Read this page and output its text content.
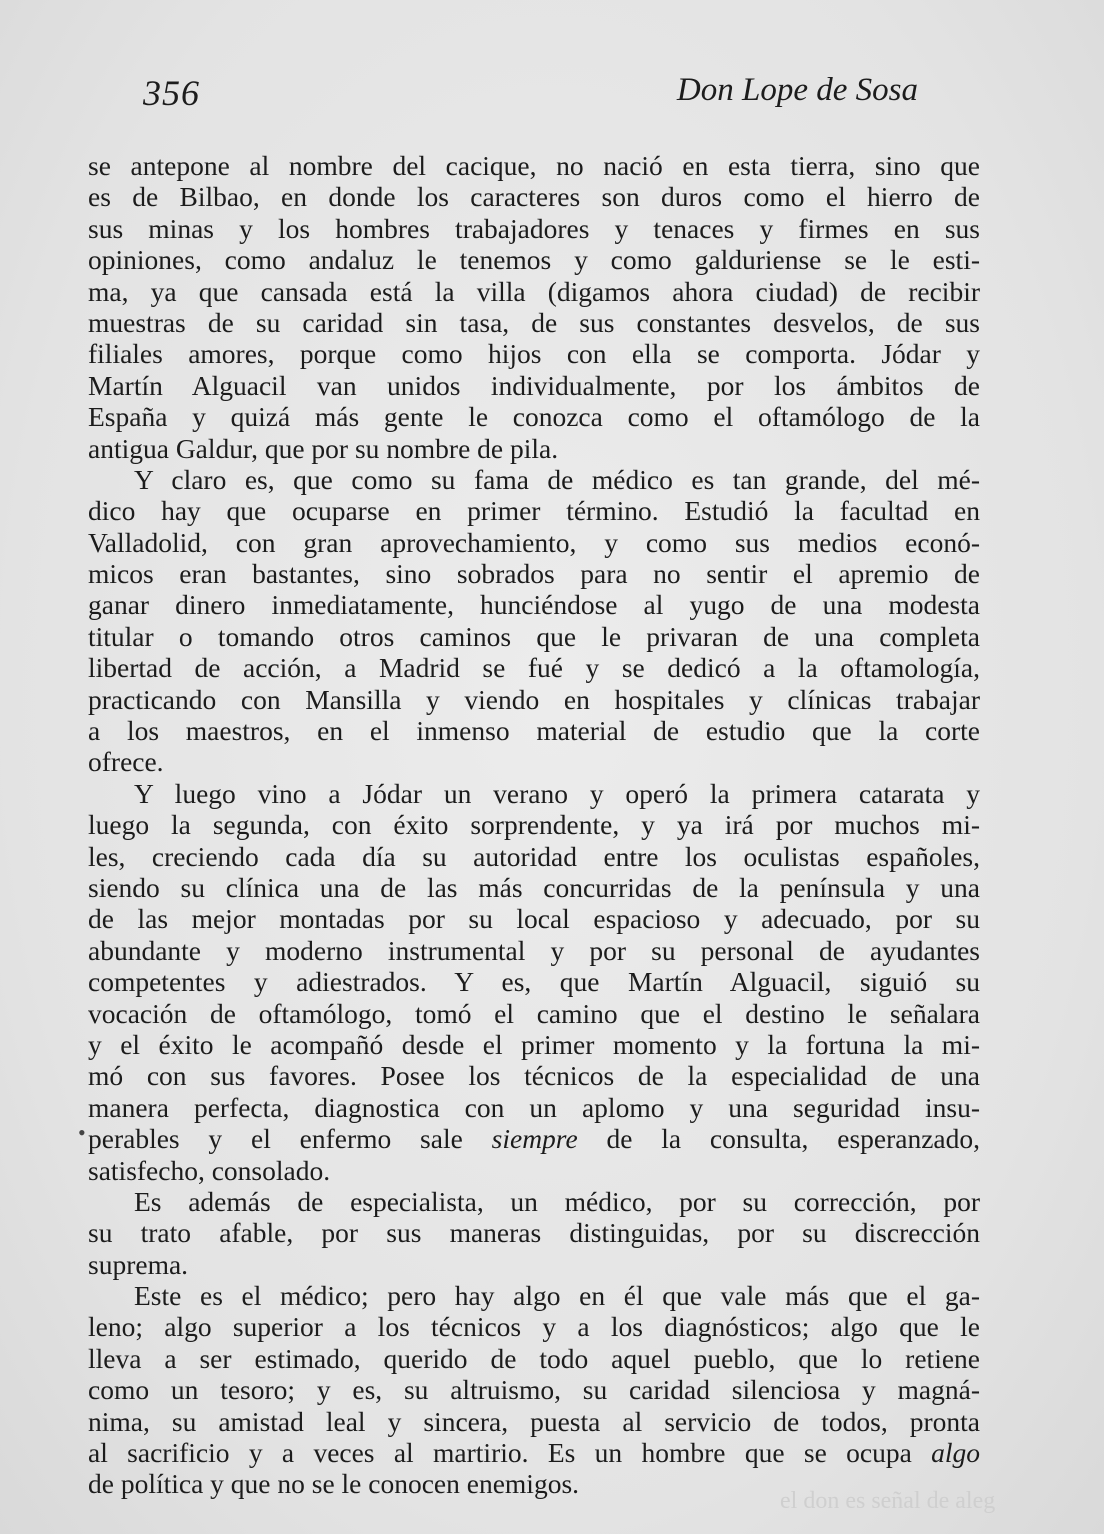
356	Don Lope de Sosa
se antepone al nombre del cacique, no nació en esta tierra, sino que
es de Bilbao, en donde los caracteres son duros como el hierro de
sus minas y los hombres trabajadores y tenaces y firmes en sus
opiniones, como andaluz le tenemos y como galduriense se le esti-
ma, ya que cansada está la villa (digamos ahora ciudad) de recibir
muestras de su caridad sin tasa, de sus constantes desvelos, de sus
filiales amores, porque como hijos con ella se comporta. Jódar y
Martín Alguacil van unidos individualmente, por los ámbitos de
España y quizá más gente le conozca como el oftamólogo de la
antigua Galdur, que por su nombre de pila.
Y claro es, que como su fama de médico es tan grande, del mé-
dico hay que ocuparse en primer término. Estudió la facultad en
Valladolid, con gran aprovechamiento, y como sus medios econó-
micos eran bastantes, sino sobrados para no sentir el apremio de
ganar dinero inmediatamente, hunciéndose al yugo de una modesta
titular o tomando otros caminos que le privaran de una completa
libertad de acción, a Madrid se fué y se dedicó a la oftamología,
practicando con Mansilla y viendo en hospitales y clínicas trabajar
a los maestros, en el inmenso material de estudio que la corte
ofrece.
Y luego vino a Jódar un verano y operó la primera catarata y
luego la segunda, con éxito sorprendente, y ya irá por muchos mi-
les, creciendo cada día su autoridad entre los oculistas españoles,
siendo su clínica una de las más concurridas de la península y una
de las mejor montadas por su local espacioso y adecuado, por su
abundante y moderno instrumental y por su personal de ayudantes
competentes y adiestrados. Y es, que Martín Alguacil, siguió su
vocación de oftamólogo, tomó el camino que el destino le señalara
y el éxito le acompañó desde el primer momento y la fortuna la mi-
mó con sus favores. Posee los técnicos de la especialidad de una
manera perfecta, diagnostica con un aplomo y una seguridad insu-
perables y el enfermo sale siempre de la consulta, esperanzado,
satisfecho, consolado.
Es además de especialista, un médico, por su corrección, por
su trato afable, por sus maneras distinguidas, por su discrección
suprema.
Este es el médico; pero hay algo en él que vale más que el ga-
leno; algo superior a los técnicos y a los diagnósticos; algo que le
lleva a ser estimado, querido de todo aquel pueblo, que lo retiene
como un tesoro; y es, su altruismo, su caridad silenciosa y magná-
nima, su amistad leal y sincera, puesta al servicio de todos, pronta
al sacrificio y a veces al martirio. Es un hombre que se ocupa algo
de política y que no se le conocen enemigos.
•
el don es señal de aleg
